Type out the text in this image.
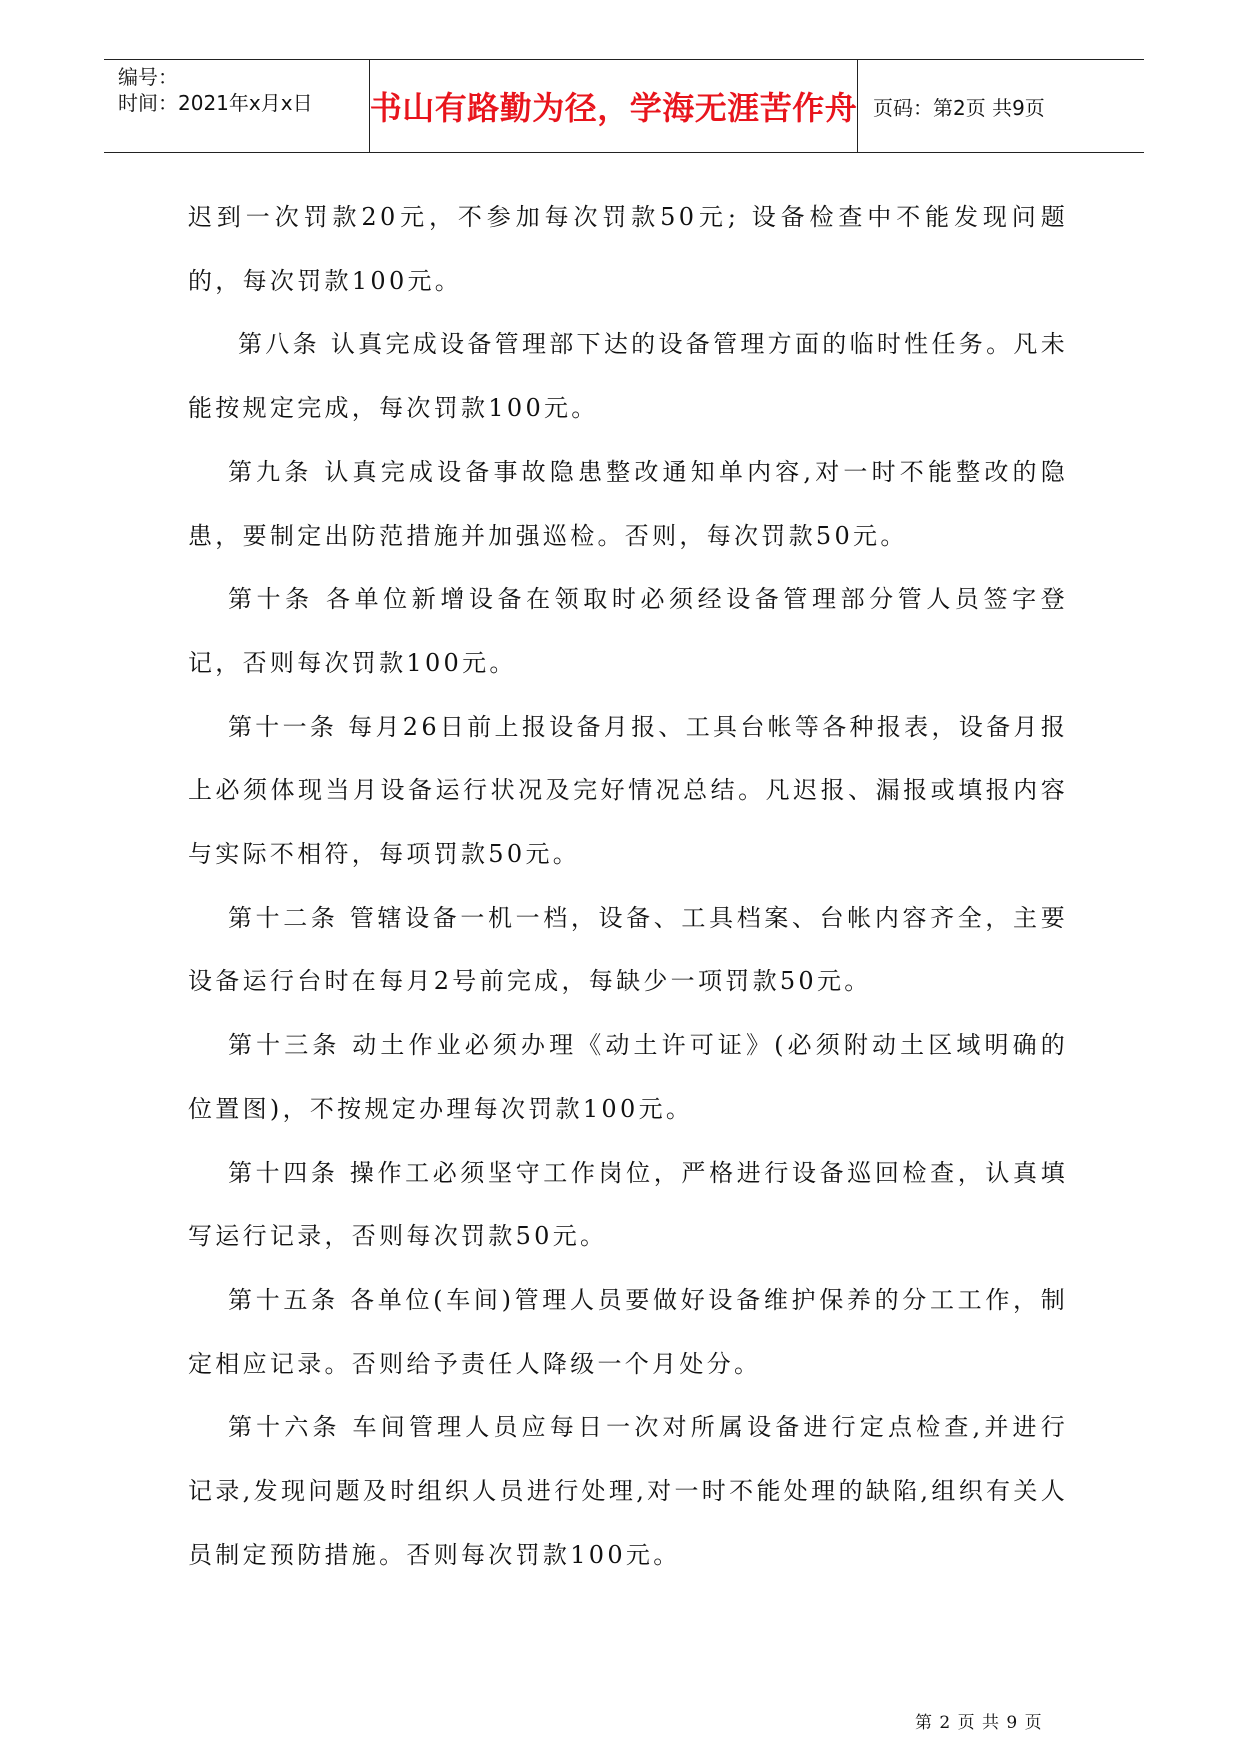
编号：
时间：2021年x月x日	书山有路勤为径，学海无涯苦作舟 页码：第2页 共9页

迟到一次罚款20元，不参加每次罚款50元; 设备检查中不能发现问题的，每次罚款100元。

第八条 认真完成设备管理部下达的设备管理方面的临时性任务。凡未能按规定完成，每次罚款100元。

第九条 认真完成设备事故隐患整改通知单内容,对一时不能整改的隐患，要制定出防范措施并加强巡检。否则，每次罚款50元。

第十条 各单位新增设备在领取时必须经设备管理部分管人员签字登记，否则每次罚款100元。

第十一条 每月26日前上报设备月报、工具台帐等各种报表，设备月报上必须体现当月设备运行状况及完好情况总结。凡迟报、漏报或填报内容与实际不相符，每项罚款50元。

第十二条 管辖设备一机一档，设备、工具档案、台帐内容齐全，主要设备运行台时在每月2号前完成，每缺少一项罚款50元。

第十三条 动土作业必须办理《动土许可证》(必须附动土区域明确的位置图)，不按规定办理每次罚款100元。

第十四条 操作工必须坚守工作岗位，严格进行设备巡回检查，认真填写运行记录，否则每次罚款50元。

第十五条 各单位(车间)管理人员要做好设备维护保养的分工工作，制定相应记录。否则给予责任人降级一个月处分。

第十六条 车间管理人员应每日一次对所属设备进行定点检查,并进行记录,发现问题及时组织人员进行处理,对一时不能处理的缺陷,组织有关人员制定预防措施。否则每次罚款100元。

第 2 页 共 9 页
